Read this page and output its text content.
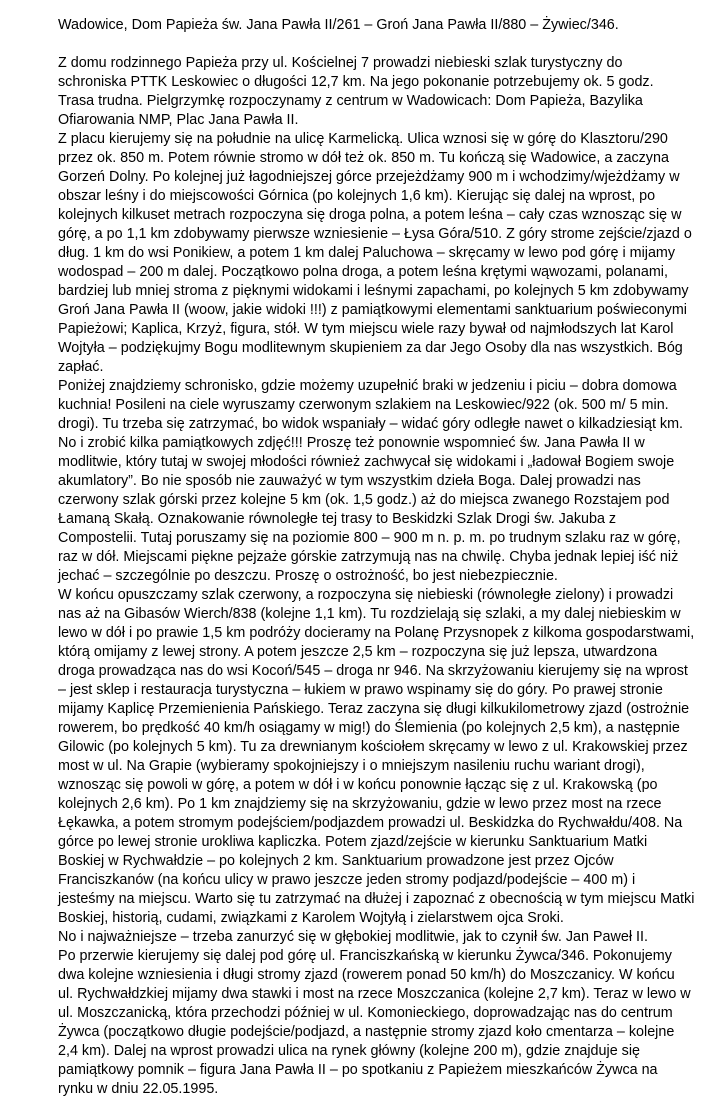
Wadowice, Dom Papieża św. Jana Pawła II/261 – Groń Jana Pawła II/880 – Żywiec/346.
Z domu rodzinnego Papieża przy ul. Kościelnej 7 prowadzi niebieski szlak turystyczny do
schroniska PTTK Leskowiec o długości 12,7 km. Na jego pokonanie potrzebujemy ok. 5 godz.
Trasa trudna. Pielgrzymkę rozpoczynamy z centrum w Wadowicach: Dom Papieża, Bazylika
Ofiarowania NMP, Plac Jana Pawła II.
Z placu kierujemy się na południe na ulicę Karmelicką. Ulica wznosi się w górę do Klasztoru/290
przez ok. 850 m. Potem równie stromo w dół też ok. 850 m. Tu kończą się Wadowice, a zaczyna
Gorzeń Dolny. Po kolejnej już łagodniejszej górce przejeżdżamy 900 m i wchodzimy/wjeżdżamy w
obszar leśny i do miejscowości Górnica (po kolejnych 1,6 km). Kierując się dalej na wprost, po
kolejnych kilkuset metrach rozpoczyna się droga polna, a potem leśna – cały czas wznosząc się w
górę, a po 1,1 km zdobywamy pierwsze wzniesienie – Łysa Góra/510. Z góry strome zejście/zjazd o
dług. 1 km do wsi Ponikiew, a potem 1 km dalej Paluchowa – skręcamy w lewo pod górę i mijamy
wodospad – 200 m dalej. Początkowo polna droga, a potem leśna krętymi wąwozami, polanami,
bardziej lub mniej stroma z pięknymi widokami i leśnymi zapachami, po kolejnych 5 km zdobywamy
Groń Jana Pawła II (woow, jakie widoki !!!) z pamiątkowymi elementami sanktuarium poświeconymi
Papieżowi; Kaplica, Krzyż, figura, stół. W tym miejscu wiele razy bywał od najmłodszych lat Karol
Wojtyła – podziękujmy Bogu modlitewnym skupieniem za dar Jego Osoby dla nas wszystkich. Bóg
zapłać.
Poniżej znajdziemy schronisko, gdzie możemy uzupełnić braki w jedzeniu i piciu – dobra domowa
kuchnia! Posileni na ciele wyruszamy czerwonym szlakiem na Leskowiec/922 (ok. 500 m/ 5 min.
drogi). Tu trzeba się zatrzymać, bo widok wspaniały – widać góry odległe nawet o kilkadziesiąt km.
No i zrobić kilka pamiątkowych zdjęć!!! Proszę też ponownie wspomnieć św. Jana Pawła II w
modlitwie, który tutaj w swojej młodości również zachwycał się widokami i „ładował Bogiem swoje
akumlatory”. Bo nie sposób nie zauważyć w tym wszystkim dzieła Boga. Dalej prowadzi nas
czerwony szlak górski przez kolejne 5 km (ok. 1,5 godz.) aż do miejsca zwanego Rozstajem pod
Łamaną Skałą. Oznakowanie równoległe tej trasy to Beskidzki Szlak Drogi św. Jakuba z
Compostelii. Tutaj poruszamy się na poziomie 800 – 900 m n. p. m. po trudnym szlaku raz w górę,
raz w dół. Miejscami piękne pejzaże górskie zatrzymują nas na chwilę. Chyba jednak lepiej iść niż
jechać – szczególnie po deszczu. Proszę o ostrożność, bo jest niebezpiecznie.
W końcu opuszczamy szlak czerwony, a rozpoczyna się niebieski (równoległe zielony) i prowadzi
nas aż na Gibasów Wierch/838 (kolejne 1,1 km). Tu rozdzielają się szlaki, a my dalej niebieskim w
lewo w dół i po prawie 1,5 km podróży docieramy na Polanę Przysnopek z kilkoma gospodarstwami,
którą omijamy z lewej strony. A potem jeszcze 2,5 km – rozpoczyna się już lepsza, utwardzona
droga prowadząca nas do wsi Kocoń/545 – droga nr 946. Na skrzyżowaniu kierujemy się na wprost
– jest sklep i restauracja turystyczna – łukiem w prawo wspinamy się do góry. Po prawej stronie
mijamy Kaplicę Przemienienia Pańskiego. Teraz zaczyna się długi kilkukilometrowy zjazd (ostrożnie
rowerem, bo prędkość 40 km/h osiągamy w mig!) do Ślemienia (po kolejnych 2,5 km), a następnie
Gilowic (po kolejnych 5 km). Tu za drewnianym kościołem skręcamy w lewo z ul. Krakowskiej przez
most w ul. Na Grapie (wybieramy spokojniejszy i o mniejszym nasileniu ruchu wariant drogi),
wznosząc się powoli w górę, a potem w dół i w końcu ponownie łącząc się z ul. Krakowską (po
kolejnych 2,6 km). Po 1 km znajdziemy się na skrzyżowaniu, gdzie w lewo przez most na rzece
Łękawka, a potem stromym podejściem/podjazdem prowadzi ul. Beskidzka do Rychwałdu/408. Na
górce po lewej stronie urokliwa kapliczka. Potem zjazd/zejście w kierunku Sanktuarium Matki
Boskiej w Rychwałdzie – po kolejnych 2 km. Sanktuarium prowadzone jest przez Ojców
Franciszkanów (na końcu ulicy w prawo jeszcze jeden stromy podjazd/podejście – 400 m) i
jesteśmy na miejscu. Warto się tu zatrzymać na dłużej i zapoznać z obecnością w tym miejscu Matki
Boskiej, historią, cudami, związkami z Karolem Wojtyłą i zielarstwem ojca Sroki.
No i najważniejsze – trzeba zanurzyć się w głębokiej modlitwie, jak to czynił św. Jan Paweł II.
Po przerwie kierujemy się dalej pod górę ul. Franciszkańską w kierunku Żywca/346. Pokonujemy
dwa kolejne wzniesienia i długi stromy zjazd (rowerem ponad 50 km/h) do Moszczanicy. W końcu
ul. Rychwałdzkiej mijamy dwa stawki i most na rzece Moszczanica (kolejne 2,7 km). Teraz w lewo w
ul. Moszczanicką, która przechodzi później w ul. Komonieckiego, doprowadzając nas do centrum
Żywca (początkowo długie podejście/podjazd, a następnie stromy zjazd koło cmentarza – kolejne
2,4 km). Dalej na wprost prowadzi ulica na rynek główny (kolejne 200 m), gdzie znajduje się
pamiątkowy pomnik – figura Jana Pawła II – po spotkaniu z Papieżem mieszkańców Żywca na
rynku w dniu 22.05.1995.
